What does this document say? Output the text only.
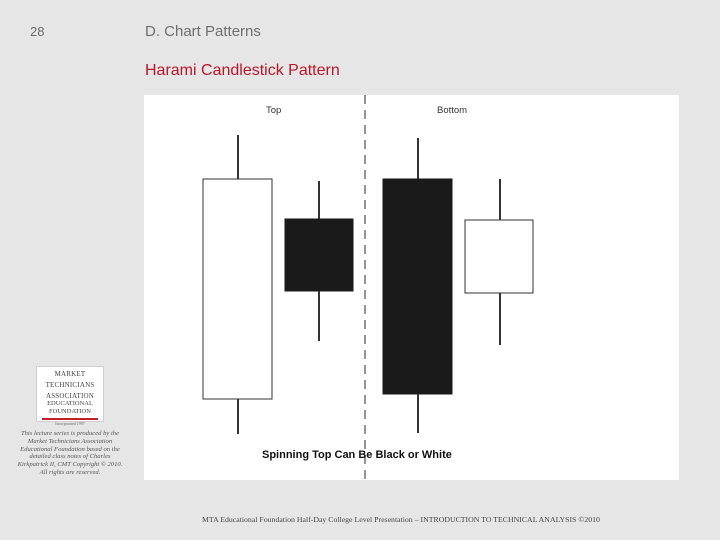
28	D. Chart Patterns
Harami Candlestick Pattern
Top	Bottom
Spinning Top Can Be Black or White
MARKET
TECHNICIANS
ASSOCIATION
EDUCATIONAL
FOUNDATION
Incorporated 1997
This lecture series is produced by the Market Technicians Association Educational Foundation based on the detailed class notes of Charles Kirkpatrick II, CMT Copyright © 2010. All rights are reserved.
MTA Educational Foundation Half-Day College Level Presentation – INTRODUCTION TO TECHNICAL ANALYSIS ©2010
